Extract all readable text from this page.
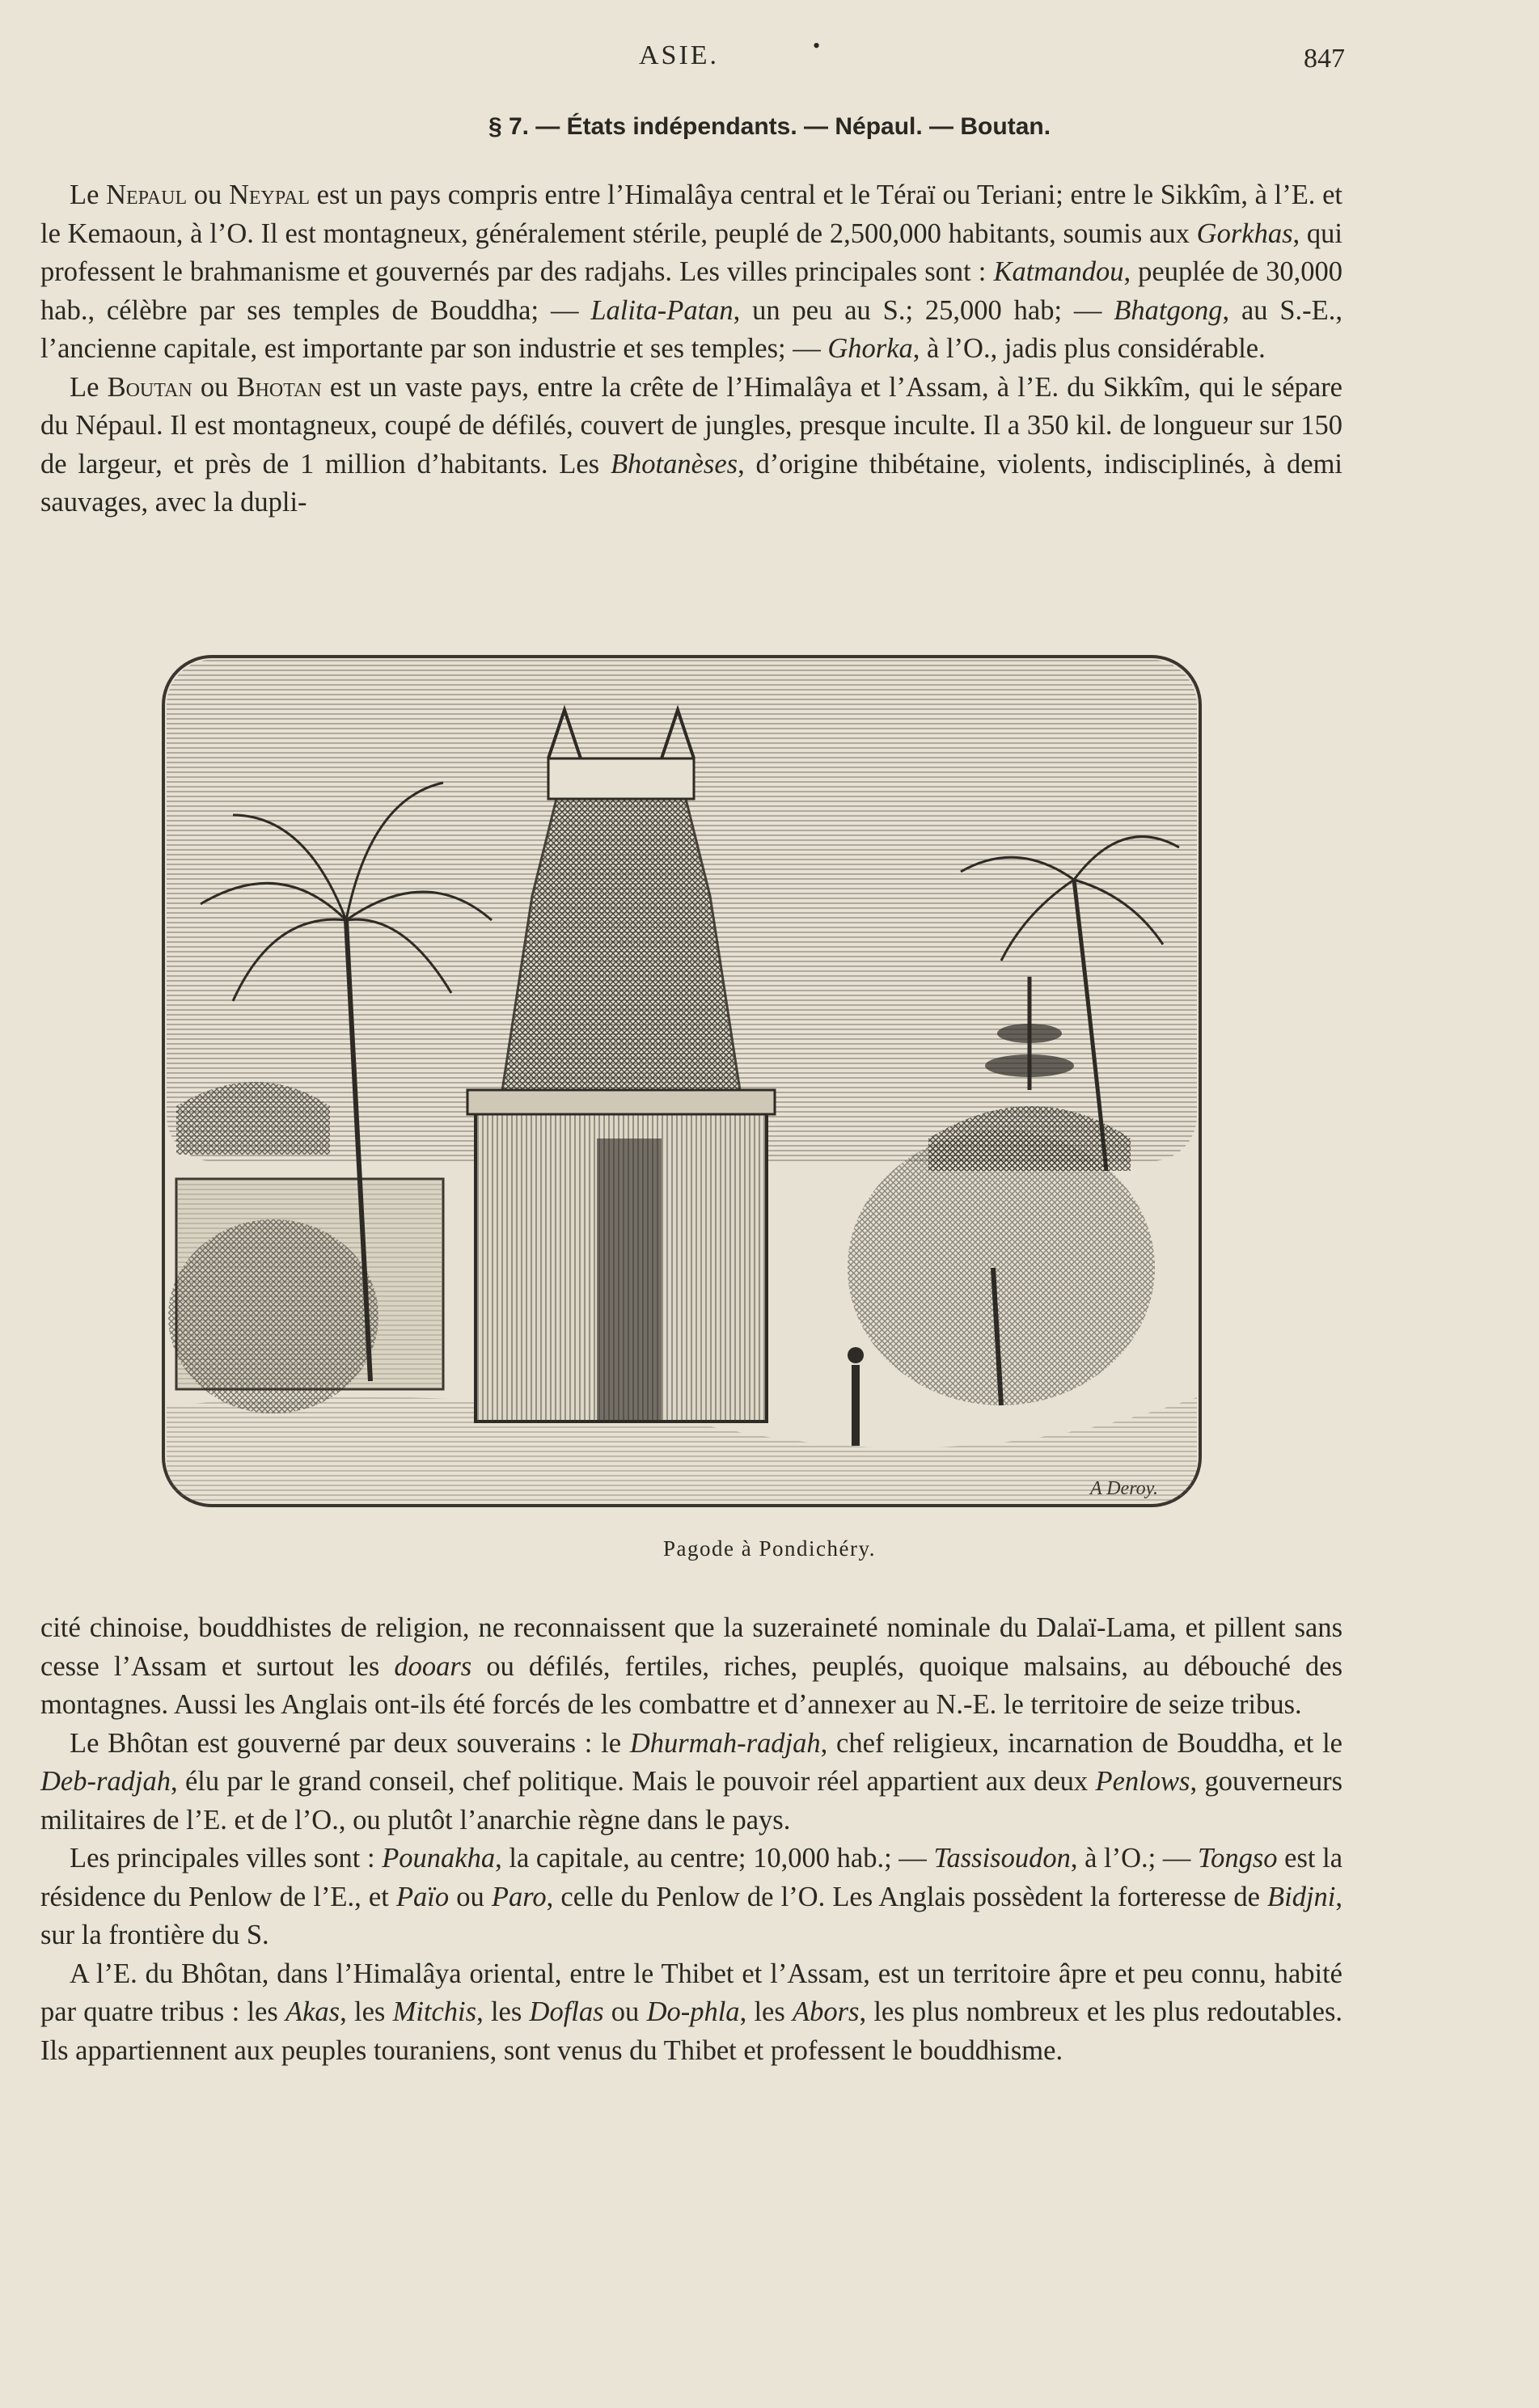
ASIE.	•	847
§ 7. — États indépendants. — Népaul. — Boutan.

Le Nepaul ou Neypal est un pays compris entre l’Himalâya central et le Téraï ou Teriani; entre le Sikkîm, à l’E. et le Kemaoun, à l’O. Il est montagneux, généralement stérile, peuplé de 2,500,000 habitants, soumis aux Gorkhas, qui professent le brahmanisme et gouvernés par des radjahs. Les villes principales sont : Katmandou, peuplée de 30,000 hab., célèbre par ses temples de Bouddha; — Lalita-Patan, un peu au S.; 25,000 hab; — Bhatgong, au S.-E., l’ancienne capitale, est importante par son industrie et ses temples; — Ghorka, à l’O., jadis plus considérable.

Le Boutan ou Bhotan est un vaste pays, entre la crête de l’Himalâya et l’Assam, à l’E. du Sikkîm, qui le sépare du Népaul. Il est montagneux, coupé de défilés, couvert de jungles, presque inculte. Il a 350 kil. de longueur sur 150 de largeur, et près de 1 million d’habitants. Les Bhotanèses, d’origine thibétaine, violents, indisciplinés, à demi sauvages, avec la dupli-

A Deroy.
Pagode à Pondichéry.

cité chinoise, bouddhistes de religion, ne reconnaissent que la suzeraineté nominale du Dalaï-Lama, et pillent sans cesse l’Assam et surtout les dooars ou défilés, fertiles, riches, peuplés, quoique malsains, au débouché des montagnes. Aussi les Anglais ont-ils été forcés de les combattre et d’annexer au N.-E. le territoire de seize tribus.

Le Bhôtan est gouverné par deux souverains : le Dhurmah-radjah, chef religieux, incarnation de Bouddha, et le Deb-radjah, élu par le grand conseil, chef politique. Mais le pouvoir réel appartient aux deux Penlows, gouverneurs militaires de l’E. et de l’O., ou plutôt l’anarchie règne dans le pays.

Les principales villes sont : Pounakha, la capitale, au centre; 10,000 hab.; — Tassisoudon, à l’O.; — Tongso est la résidence du Penlow de l’E., et Païo ou Paro, celle du Penlow de l’O. Les Anglais possèdent la forteresse de Bidjni, sur la frontière du S.

A l’E. du Bhôtan, dans l’Himalâya oriental, entre le Thibet et l’Assam, est un territoire âpre et peu connu, habité par quatre tribus : les Akas, les Mitchis, les Doflas ou Do-phla, les Abors, les plus nombreux et les plus redoutables. Ils appartiennent aux peuples touraniens, sont venus du Thibet et professent le bouddhisme.
